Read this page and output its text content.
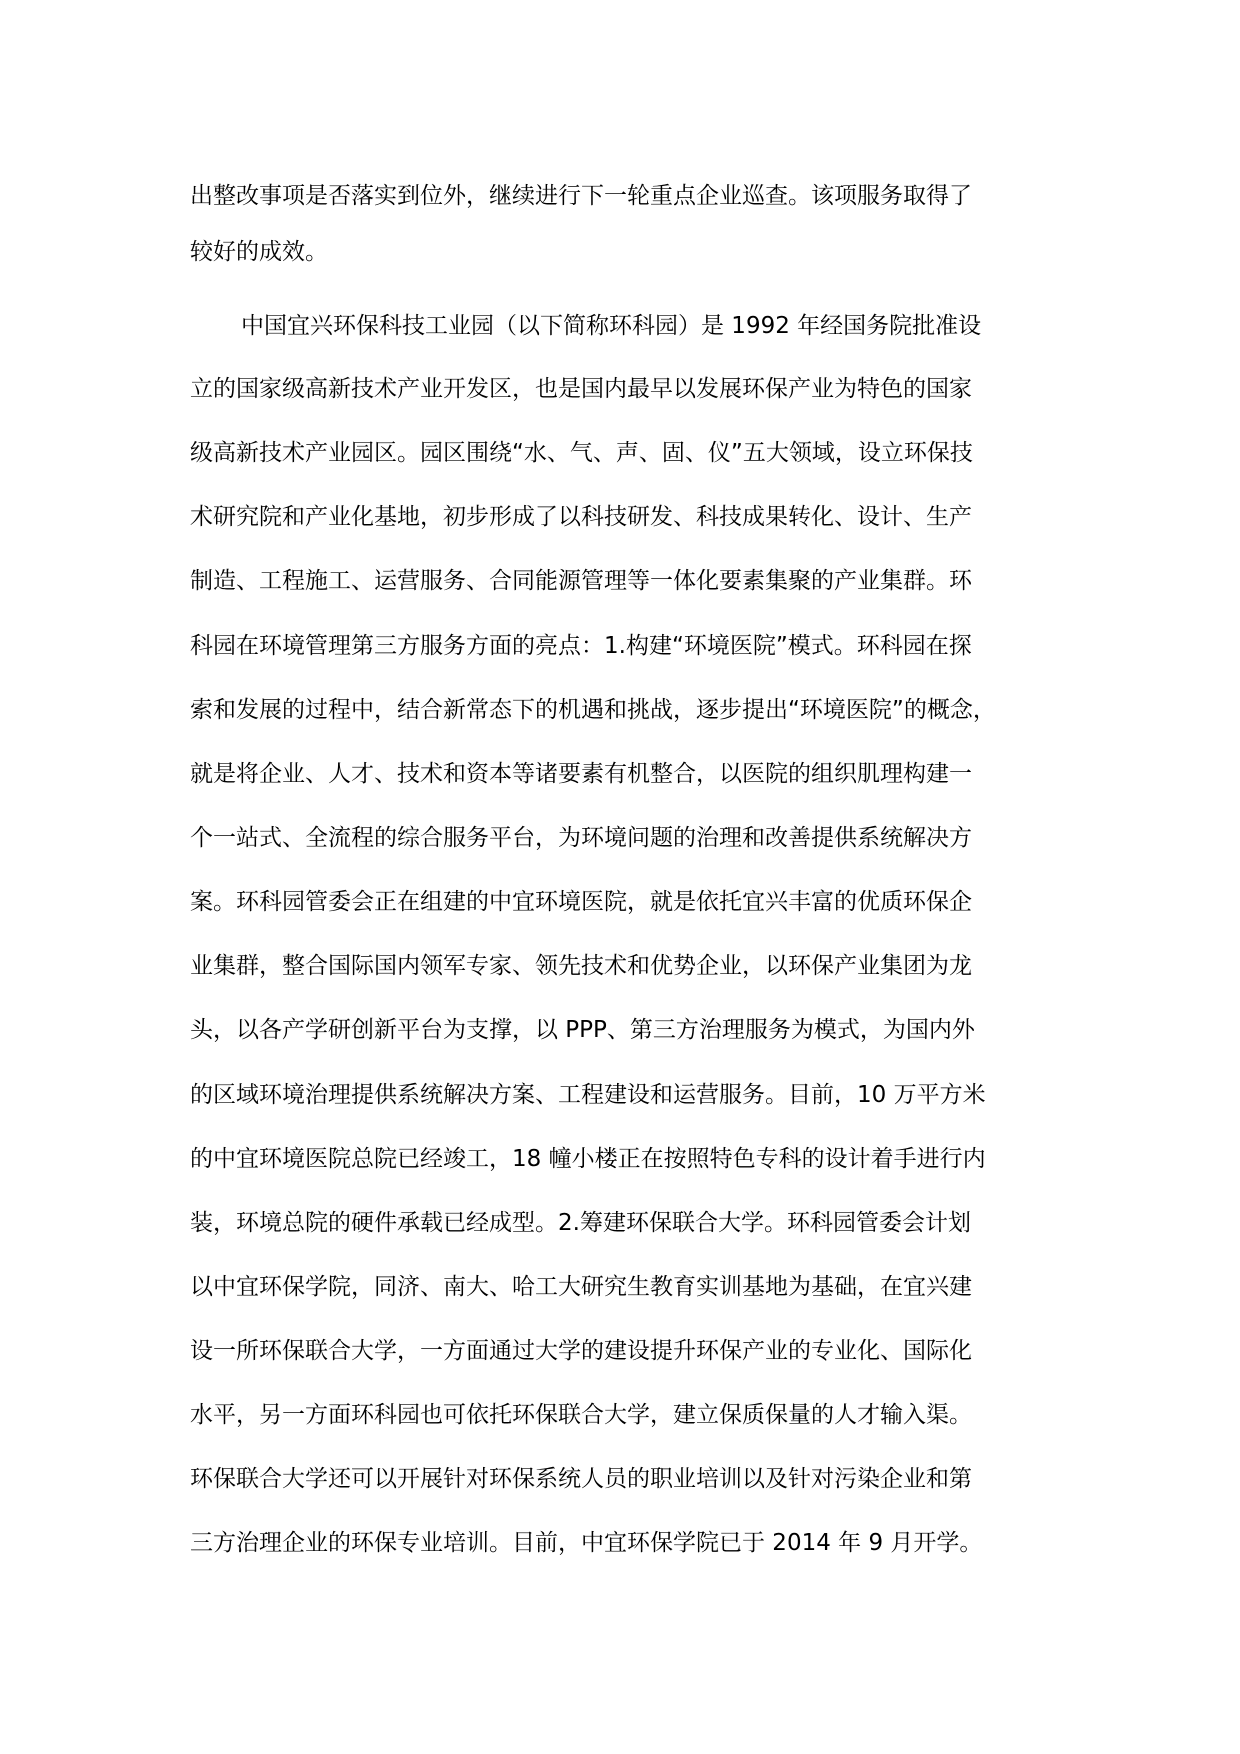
出整改事项是否落实到位外，继续进行下一轮重点企业巡查。该项服务取得了
较好的成效。
中国宜兴环保科技工业园（以下简称环科园）是 1992 年经国务院批准设
立的国家级高新技术产业开发区，也是国内最早以发展环保产业为特色的国家
级高新技术产业园区。园区围绕“水、气、声、固、仪”五大领域，设立环保技
术研究院和产业化基地，初步形成了以科技研发、科技成果转化、设计、生产
制造、工程施工、运营服务、合同能源管理等一体化要素集聚的产业集群。环
科园在环境管理第三方服务方面的亮点：1.构建“环境医院”模式。环科园在探
索和发展的过程中，结合新常态下的机遇和挑战，逐步提出“环境医院”的概念，
就是将企业、人才、技术和资本等诸要素有机整合，以医院的组织肌理构建一
个一站式、全流程的综合服务平台，为环境问题的治理和改善提供系统解决方
案。环科园管委会正在组建的中宜环境医院，就是依托宜兴丰富的优质环保企
业集群，整合国际国内领军专家、领先技术和优势企业，以环保产业集团为龙
头，以各产学研创新平台为支撑，以 PPP、第三方治理服务为模式，为国内外
的区域环境治理提供系统解决方案、工程建设和运营服务。目前，10 万平方米
的中宜环境医院总院已经竣工，18 幢小楼正在按照特色专科的设计着手进行内
装，环境总院的硬件承载已经成型。2.筹建环保联合大学。环科园管委会计划
以中宜环保学院，同济、南大、哈工大研究生教育实训基地为基础，在宜兴建
设一所环保联合大学，一方面通过大学的建设提升环保产业的专业化、国际化
水平，另一方面环科园也可依托环保联合大学，建立保质保量的人才输入渠。
环保联合大学还可以开展针对环保系统人员的职业培训以及针对污染企业和第
三方治理企业的环保专业培训。目前，中宜环保学院已于 2014 年 9 月开学。
